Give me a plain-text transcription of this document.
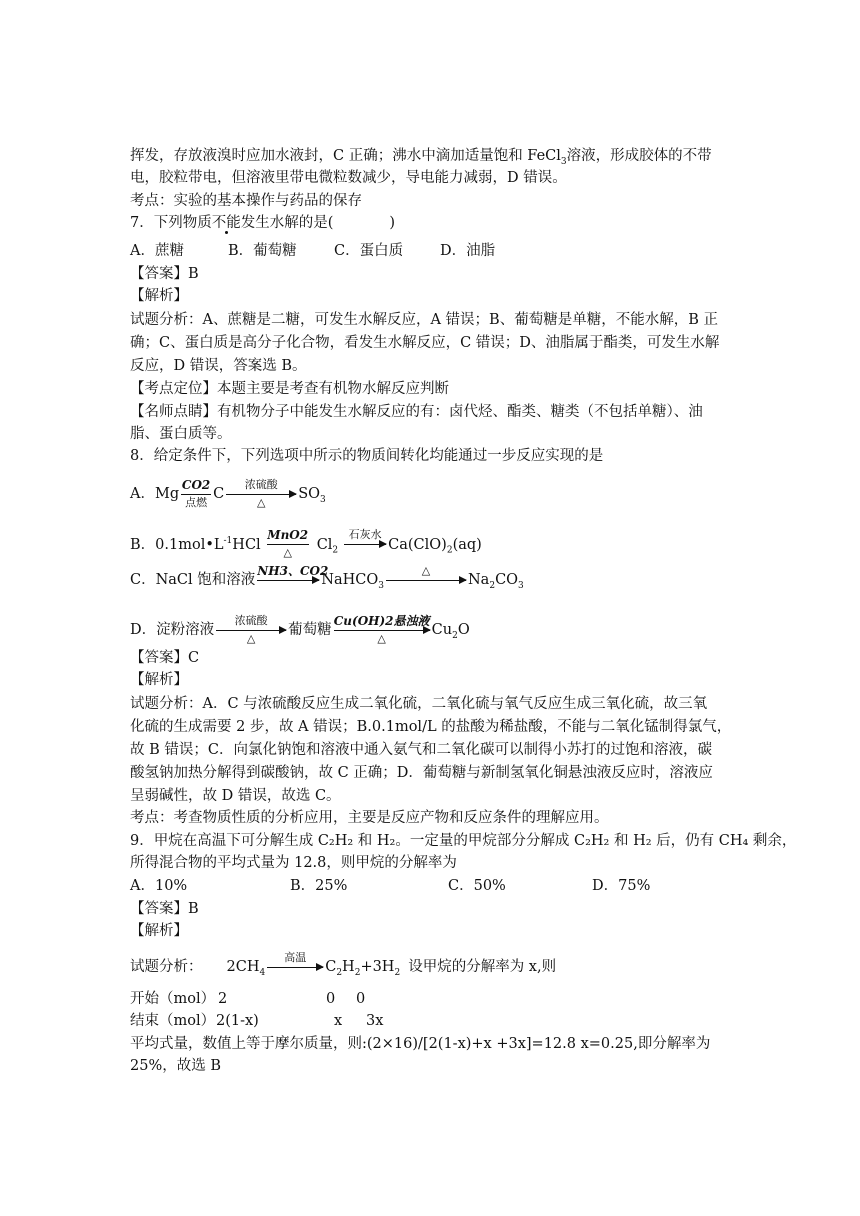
挥发，存放液溴时应加水液封，C 正确；沸水中滴加适量饱和 FeCl$_3$溶液，形成胶体的不带
电，胶粒带电，但溶液里带电微粒数减少，导电能力减弱，D 错误。
考点：实验的基本操作与药品的保存
7．下列物质不能发生水解的是(	)
A．蔗糖	B．葡萄糖	C．蛋白质	D．油脂
【答案】B
【解析】
试题分析：A、蔗糖是二糖，可发生水解反应，A 错误；B、葡萄糖是单糖，不能水解，B 正
确；C、蛋白质是高分子化合物，看发生水解反应，C 错误；D、油脂属于酯类，可发生水解
反应，D 错误，答案选 B。
【考点定位】本题主要是考查有机物水解反应判断
【名师点睛】有机物分子中能发生水解反应的有：卤代烃、酯类、糖类（不包括单糖）、油
脂、蛋白质等。
8．给定条件下，下列选项中所示的物质间转化均能通过一步反应实现的是
A．Mg
CO2
点燃 C
浓硫酸
△	$SO_3$
B．$0.1mol•L^{-1}HCl$
MnO2
△	$Cl_2$
石灰水
$Ca(ClO)_2(aq)$
C．NaCl 饱和溶液
NH3、CO2
NaHCO$_3$
△
$Na_2CO_3$
D．淀粉溶液
浓硫酸
△	葡萄糖
Cu(OH)2悬浊液
△	$Cu_2O$
【答案】C
【解析】
试题分析：A．C 与浓硫酸反应生成二氧化硫，二氧化硫与氧气反应生成三氧化硫，故三氧
化硫的生成需要 2 步，故 A 错误；B.0.1mol/L 的盐酸为稀盐酸，不能与二氧化锰制得氯气，
故 B 错误；C．向氯化钠饱和溶液中通入氨气和二氧化碳可以制得小苏打的过饱和溶液，碳
酸氢钠加热分解得到碳酸钠，故 C 正确；D．葡萄糖与新制氢氧化铜悬浊液反应时，溶液应
呈弱碱性，故 D 错误，故选 C。
考点：考查物质性质的分析应用，主要是反应产物和反应条件的理解应用。
9．甲烷在高温下可分解生成 C₂H₂ 和 H₂。一定量的甲烷部分分解成 C₂H₂ 和 H₂ 后，仍有 CH₄ 剩余，
所得混合物的平均式量为 12.8，则甲烷的分解率为
A．10%	B．25%	C．50%	D．75%
【答案】B
【解析】
试题分析： $2CH_4$
高温
$C_2H_2+3H_2$ 设甲烷的分解率为 x,则
开始（mol） 2	0 0
结束（mol） 2(1-x)	x 3x
平均式量，数值上等于摩尔质量，则:(2×16)/[2(1-x)+x +3x]=12.8 x=0.25,即分解率为
25%，故选 B
